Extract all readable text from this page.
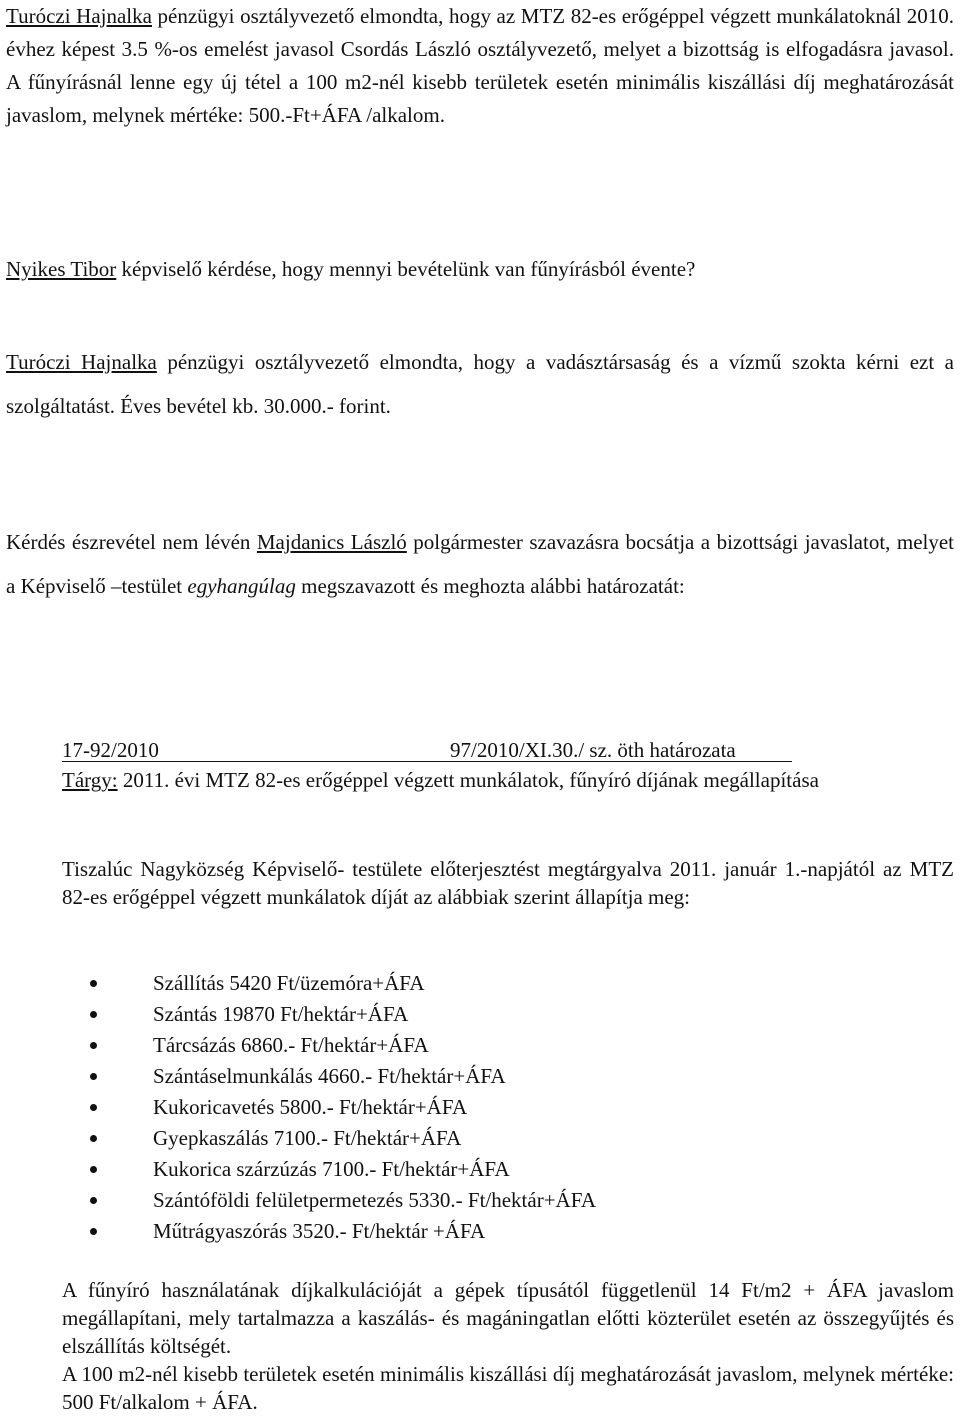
Turóczi Hajnalka pénzügyi osztályvezető elmondta, hogy az MTZ 82-es erőgéppel végzett munkálatoknál 2010. évhez képest 3.5 %-os emelést javasol Csordás László osztályvezető, melyet a bizottság is elfogadásra javasol. A fűnyírásnál lenne egy új tétel a 100 m2-nél kisebb területek esetén minimális kiszállási díj meghatározását javaslom, melynek mértéke: 500.-Ft+ÁFA /alkalom.
Nyikes Tibor képviselő kérdése, hogy mennyi bevételünk van fűnyírásból évente?
Turóczi Hajnalka pénzügyi osztályvezető elmondta, hogy a vadásztársaság és a vízmű szokta kérni ezt a szolgáltatást. Éves bevétel kb. 30.000.- forint.
Kérdés észrevétel nem lévén Majdanics László polgármester szavazásra bocsátja a bizottsági javaslatot, melyet a Képviselő –testület egyhangúlag megszavazott és meghozta alábbi határozatát:
17-92/2010	97/2010/XI.30./ sz. öth határozata
Tárgy: 2011. évi MTZ 82-es erőgéppel végzett munkálatok, fűnyíró díjának megállapítása
Tiszalúc Nagyközség Képviselő- testülete előterjesztést megtárgyalva 2011. január 1.-napjától az MTZ 82-es erőgéppel végzett munkálatok díját az alábbiak szerint állapítja meg:
Szállítás 5420 Ft/üzemóra+ÁFA
Szántás 19870 Ft/hektár+ÁFA
Tárcsázás 6860.- Ft/hektár+ÁFA
Szántáselmunkálás 4660.- Ft/hektár+ÁFA
Kukoricavetés 5800.- Ft/hektár+ÁFA
Gyepkaszálás 7100.- Ft/hektár+ÁFA
Kukorica szárzúzás 7100.- Ft/hektár+ÁFA
Szántóföldi felületpermetezés 5330.- Ft/hektár+ÁFA
Műtrágyaszórás 3520.- Ft/hektár +ÁFA
A fűnyíró használatának díjkalkulációját a gépek típusától függetlenül 14 Ft/m2 + ÁFA javaslom megállapítani, mely tartalmazza a kaszálás- és magáningatlan előtti közterület esetén az összegyűjtés és elszállítás költségét.
A 100 m2-nél kisebb területek esetén minimális kiszállási díj meghatározását javaslom, melynek mértéke: 500 Ft/alkalom + ÁFA.
